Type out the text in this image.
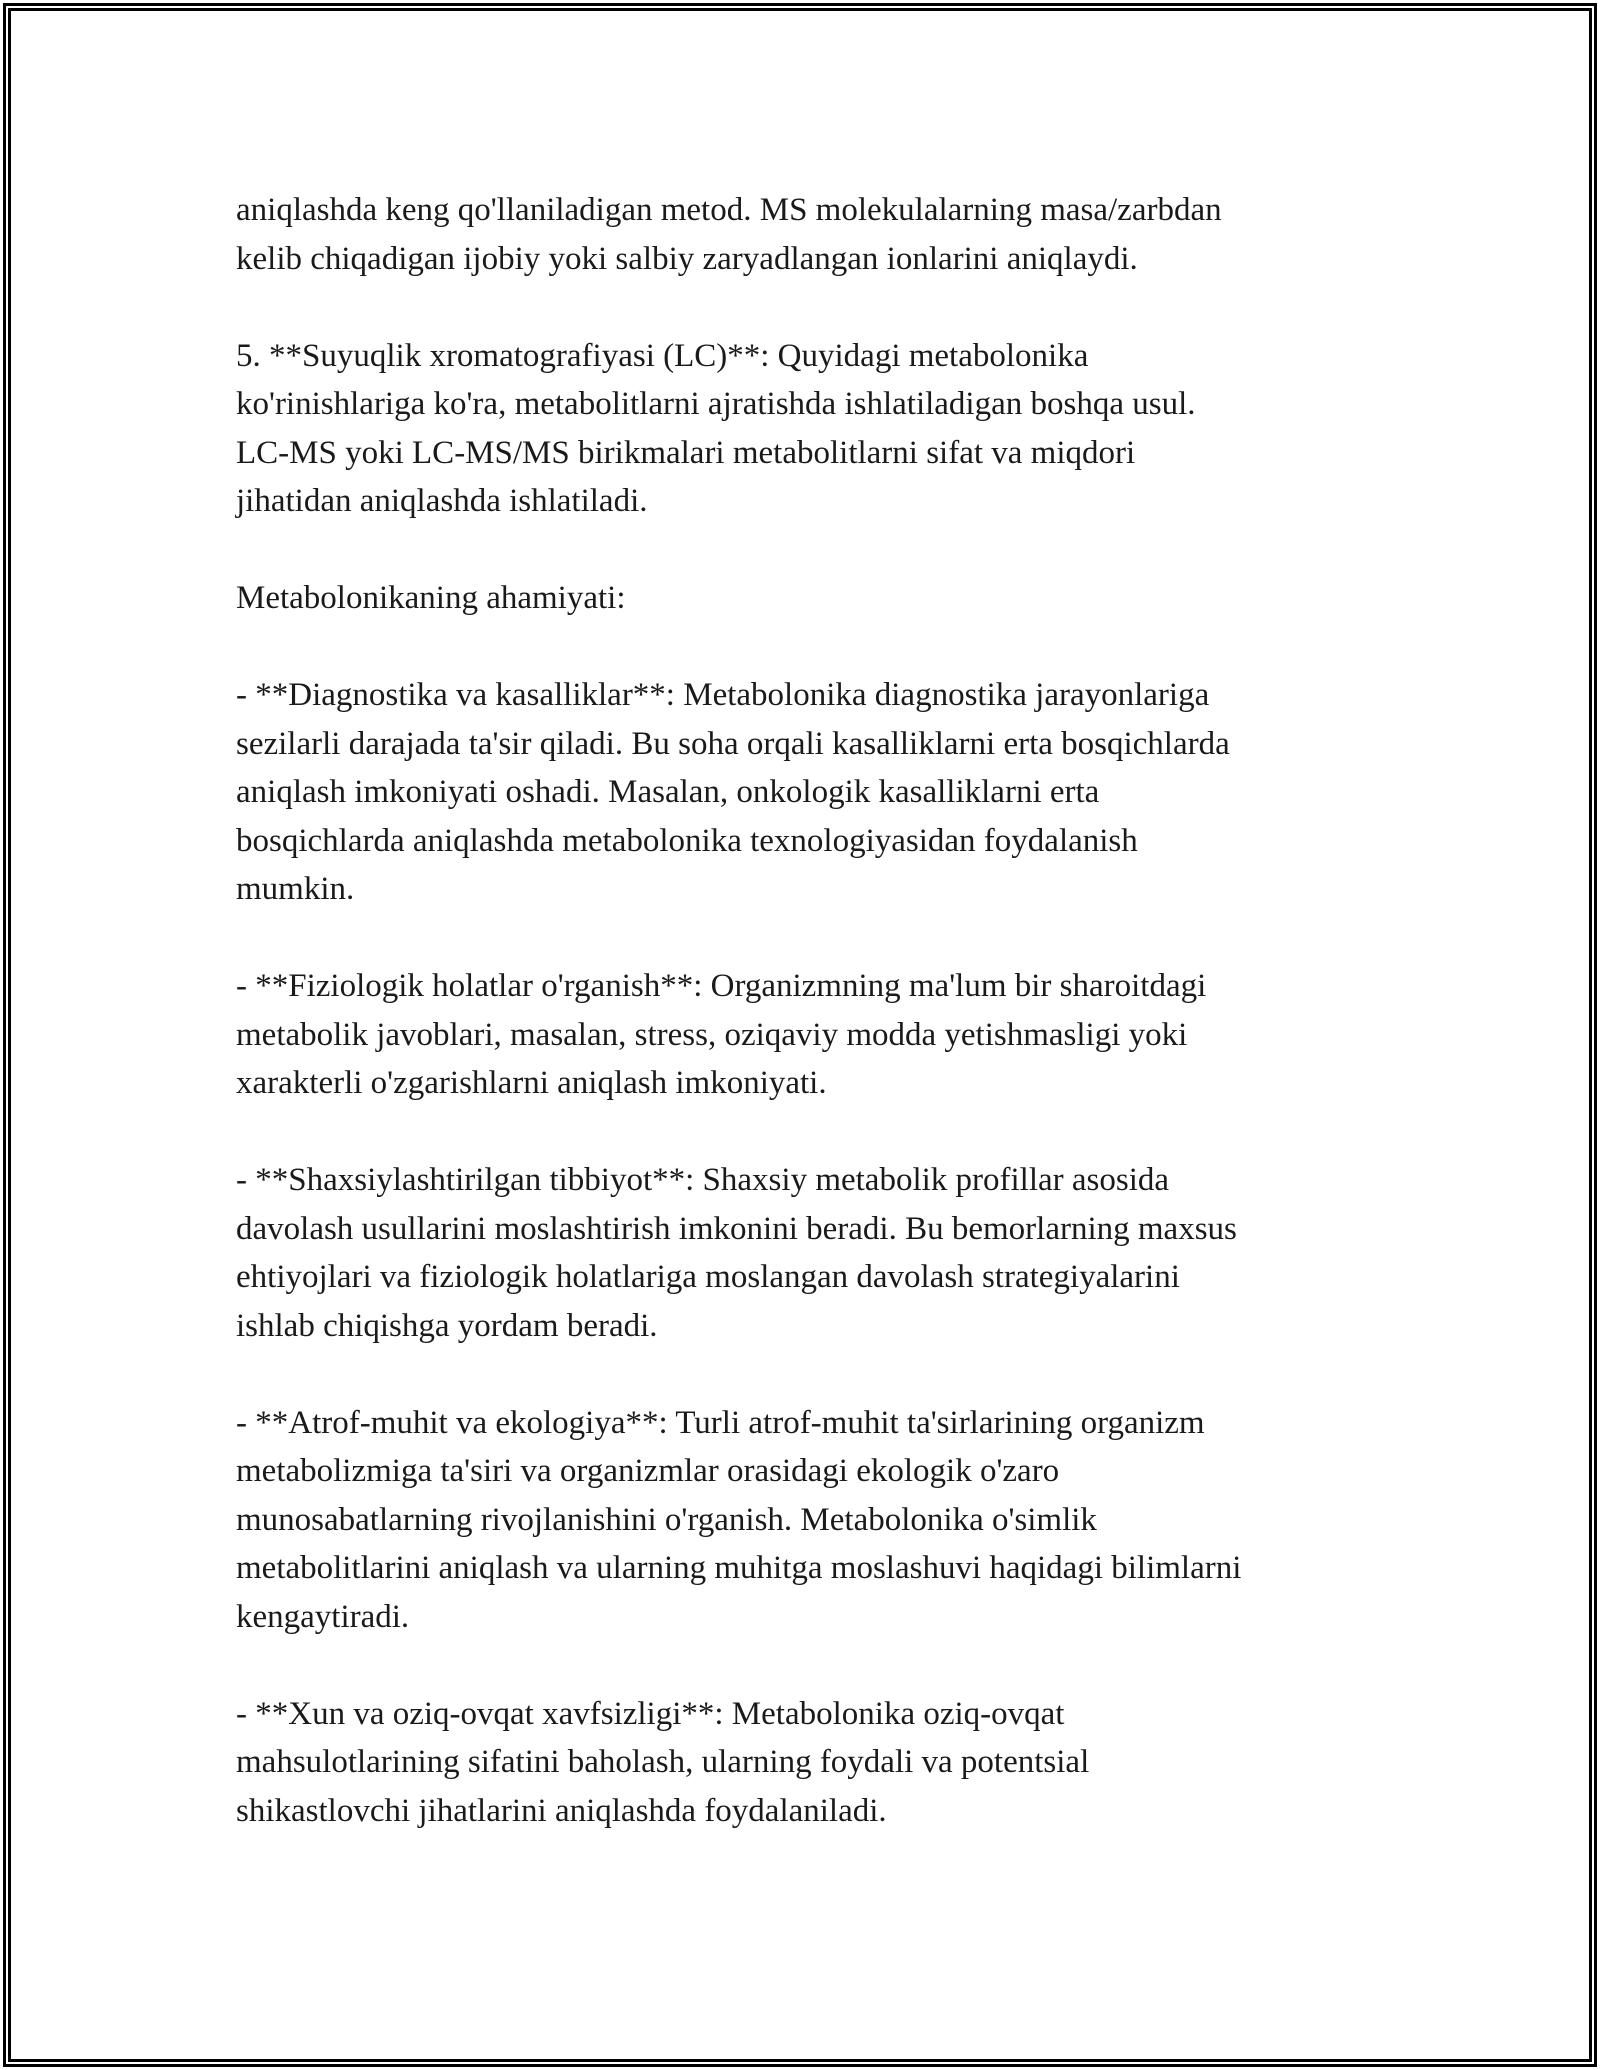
aniqlashda keng qo'llaniladigan metod. MS molekulalarning masa/zarbdan
kelib chiqadigan ijobiy yoki salbiy zaryadlangan ionlarini aniqlaydi.

5. **Suyuqlik xromatografiyasi (LC)**: Quyidagi metabolonika
ko'rinishlariga ko'ra, metabolitlarni ajratishda ishlatiladigan boshqa usul.
LC-MS yoki LC-MS/MS birikmalari metabolitlarni sifat va miqdori
jihatidan aniqlashda ishlatiladi.

Metabolonikaning ahamiyati:

- **Diagnostika va kasalliklar**: Metabolonika diagnostika jarayonlariga
sezilarli darajada ta'sir qiladi. Bu soha orqali kasalliklarni erta bosqichlarda
aniqlash imkoniyati oshadi. Masalan, onkologik kasalliklarni erta
bosqichlarda aniqlashda metabolonika texnologiyasidan foydalanish
mumkin.

- **Fiziologik holatlar o'rganish**: Organizmning ma'lum bir sharoitdagi
metabolik javoblari, masalan, stress, oziqaviy modda yetishmasligi yoki
xarakterli o'zgarishlarni aniqlash imkoniyati.

- **Shaxsiylashtirilgan tibbiyot**: Shaxsiy metabolik profillar asosida
davolash usullarini moslashtirish imkonini beradi. Bu bemorlarning maxsus
ehtiyojlari va fiziologik holatlariga moslangan davolash strategiyalarini
ishlab chiqishga yordam beradi.

- **Atrof-muhit va ekologiya**: Turli atrof-muhit ta'sirlarining organizm
metabolizmiga ta'siri va organizmlar orasidagi ekologik o'zaro
munosabatlarning rivojlanishini o'rganish. Metabolonika o'simlik
metabolitlarini aniqlash va ularning muhitga moslashuvi haqidagi bilimlarni
kengaytiradi.

- **Xun va oziq-ovqat xavfsizligi**: Metabolonika oziq-ovqat
mahsulotlarining sifatini baholash, ularning foydali va potentsial
shikastlovchi jihatlarini aniqlashda foydalaniladi.
